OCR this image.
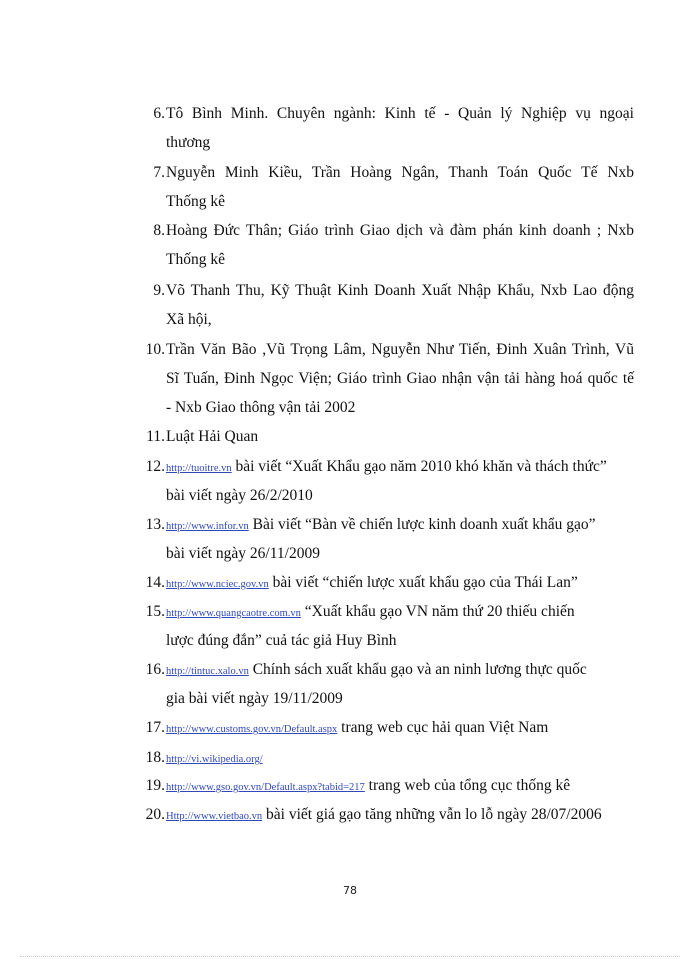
6. Tô Bình Minh. Chuyên ngành: Kinh tế - Quản lý Nghiệp vụ ngoại
thương
7. Nguyễn Minh Kiều, Trần Hoàng Ngân, Thanh Toán Quốc Tế Nxb
Thống kê
8. Hoàng Đức Thân; Giáo trình Giao dịch và đàm phán kinh doanh ; Nxb
Thống kê
9. Võ Thanh Thu, Kỹ Thuật Kinh Doanh Xuất Nhập Khẩu, Nxb Lao động
Xã hội,
10. Trần Văn Bão ,Vũ Trọng Lâm, Nguyễn Như Tiến, Đinh Xuân Trình, Vũ
Sĩ Tuấn, Đinh Ngọc Viện; Giáo trình Giao nhận vận tải hàng hoá quốc tế
- Nxb Giao thông vận tải 2002
11. Luật Hải Quan
12. http://tuoitre.vn bài viết “Xuất Khẩu gạo năm 2010 khó khăn và thách thức”
bài viết ngày 26/2/2010
13. http://www.infor.vn Bài viết “Bàn về chiến lược kinh doanh xuất khẩu gạo”
bài viết ngày 26/11/2009
14. http://www.nciec.gov.vn bài viết “chiến lược xuất khẩu gạo của Thái Lan”
15. http://www.quangcaotre.com.vn “Xuất khẩu gạo VN năm thứ 20 thiếu chiến
lược đúng đắn” cuả tác giả Huy Bình
16. http://tintuc.xalo.vn Chính sách xuất khẩu gạo và an ninh lương thực quốc
gia bài viết ngày 19/11/2009
17. http://www.customs.gov.vn/Default.aspx trang web cục hải quan Việt Nam
18. http://vi.wikipedia.org/
19. http://www.gso.gov.vn/Default.aspx?tabid=217 trang web của tổng cục thống kê
20. Http://www.vietbao.vn bài viết giá gạo tăng những vẫn lo lỗ ngày 28/07/2006
78
